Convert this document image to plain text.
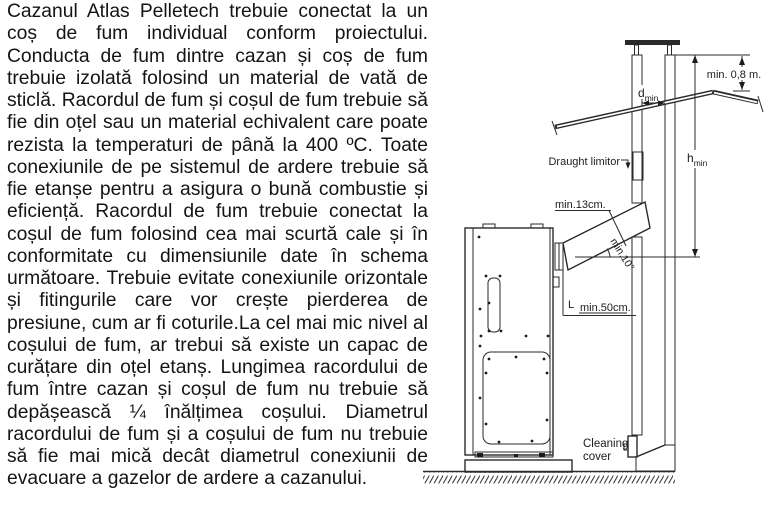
Cazanul Atlas Pelletech trebuie conectat la un coș de fum individual conform proiectului. Conducta de fum dintre cazan și coș de fum trebuie izolată folosind un material de vată de sticlă. Racordul de fum și coșul de fum trebuie să fie din oțel sau un material echivalent care poate rezista la temperaturi de până la 400 ºC. Toate conexiunile de pe sistemul de ardere trebuie să fie etanșe pentru a asigura o bună combustie și eficiență. Racordul de fum trebuie conectat la coșul de fum folosind cea mai scurtă cale și în conformitate cu dimensiunile date în schema următoare. Trebuie evitate conexiunile orizontale și fitingurile care vor crește pierderea de presiune, cum ar fi coturile.La cel mai mic nivel al coșului de fum, ar trebui să existe un capac de curățare din oțel etanș. Lungimea racordului de fum între cazan și coșul de fum nu trebuie să depășească ¼ înălțimea coșului. Diametrul racordului de fum și a coșului de fum nu trebuie să fie mai mică decât diametrul conexiunii de evacuare a gazelor de ardere a cazanului.
min. 0,8 m.
$d_{min}$
$h_{min}$
Draught limitor
min.13cm.
min.10°
L min.50cm.
Cleaning
cover
